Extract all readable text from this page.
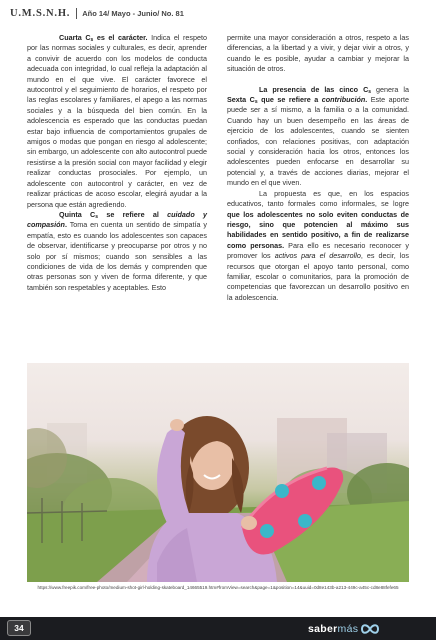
U.M.S.N.H. Año 14/ Mayo - Junio/ No. 81

Cuarta $C_s$ es el carácter. Indica el respeto por las normas sociales y culturales, es decir, aprender a convivir de acuerdo con los modelos de conducta adecuada con integridad, lo cual refleja la adaptación al mundo en el que vive. El carácter favorece el autocontrol y el seguimiento de horarios, el respeto por las reglas escolares y familiares, el apego a las normas sociales y a la búsqueda del bien común. En la adolescencia es esperado que las conductas puedan estar bajo influencia de comportamientos grupales de amigos o modas que pongan en riesgo al adolescente; sin embargo, un adolescente con alto autocontrol puede resistirse a la presión social con mayor facilidad y elegir realizar conductas prosociales. Por ejemplo, un adolescente con autocontrol y carácter, en vez de realizar prácticas de acoso escolar, elegirá ayudar a la persona que están agrediendo.

Quinta $C_s$ se refiere al cuidado y compasión. Toma en cuenta un sentido de simpatía y empatía, esto es cuando los adolescentes son capaces de observar, identificarse y preocuparse por otros y no solo por sí mismos; cuando son sensibles a las condiciones de vida de los demás y comprenden que otras personas son y viven de forma diferente, y que también son respetables y aceptables. Esto

permite una mayor consideración a otros, respeto a las diferencias, a la libertad y a vivir, y dejar vivir a otros, y cuando le es posible, ayudar a cambiar y mejorar la situación de otros.

La presencia de las cinco $C_s$ genera la Sexta $C_s$ que se refiere a contribución. Este aporte puede ser a sí mismo, a la familia o a la comunidad. Cuando hay un buen desempeño en las áreas de ejercicio de los adolescentes, cuando se sienten confiados, con relaciones positivas, con adaptación social y consideración hacia los otros, entonces los adolescentes pueden enfocarse en desarrollar su potencial y, a través de acciones diarias, mejorar el mundo en el que viven.

La propuesta es que, en los espacios educativos, tanto formales como informales, se logre que los adolescentes no solo eviten conductas de riesgo, sino que potencien al máximo sus habilidades en sentido positivo, a fin de realizarse como personas. Para ello es necesario reconocer y promover los activos para el desarrollo, es decir, los recursos que otorgan el apoyo tanto personal, como familiar, escolar o comunitarios, para la promoción de competencias que favorezcan un desarrollo positivo en la adolescencia.

https://www.freepik.com/free-photo/medium-shot-girl-holding-skateboard_14665519.htm#fromView=search&page=1&position=14&uuid=0d8e143b-a213-449c-a45c-cd8e88fefe65
34	sabermás
